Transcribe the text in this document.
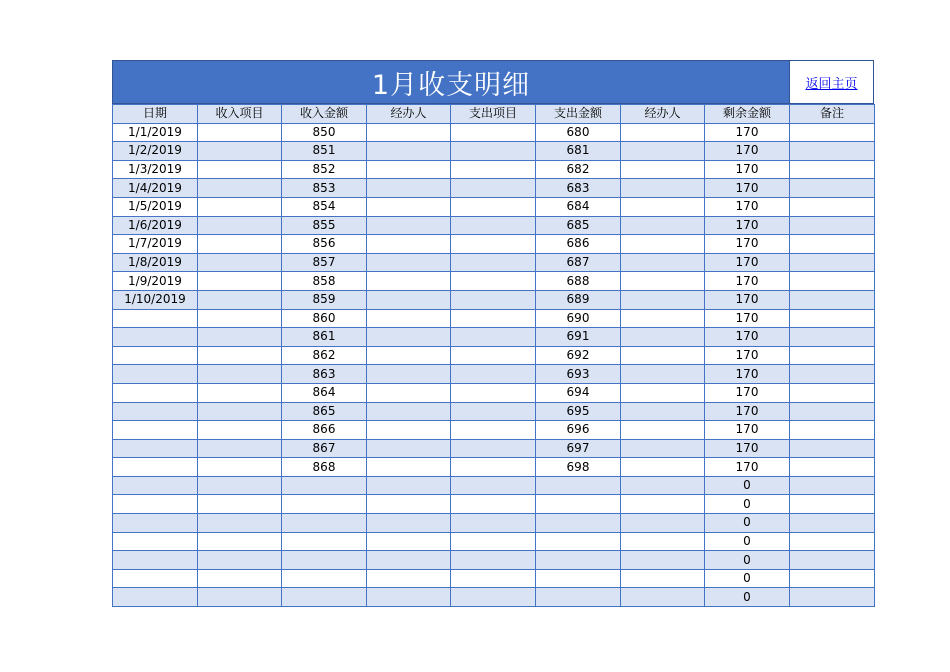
1月收支明细	返回主页
日期	收入项目	收入金额	经办人	支出项目	支出金额	经办人	剩余金额	备注
1/1/2019		850			680		170	
1/2/2019		851			681		170	
1/3/2019		852			682		170	
1/4/2019		853			683		170	
1/5/2019		854			684		170	
1/6/2019		855			685		170	
1/7/2019		856			686		170	
1/8/2019		857			687		170	
1/9/2019		858			688		170	
1/10/2019		859			689		170	
		860			690		170	
		861			691		170	
		862			692		170	
		863			693		170	
		864			694		170	
		865			695		170	
		866			696		170	
		867			697		170	
		868			698		170	
							0	
							0	
							0	
							0	
							0	
							0	
							0	
